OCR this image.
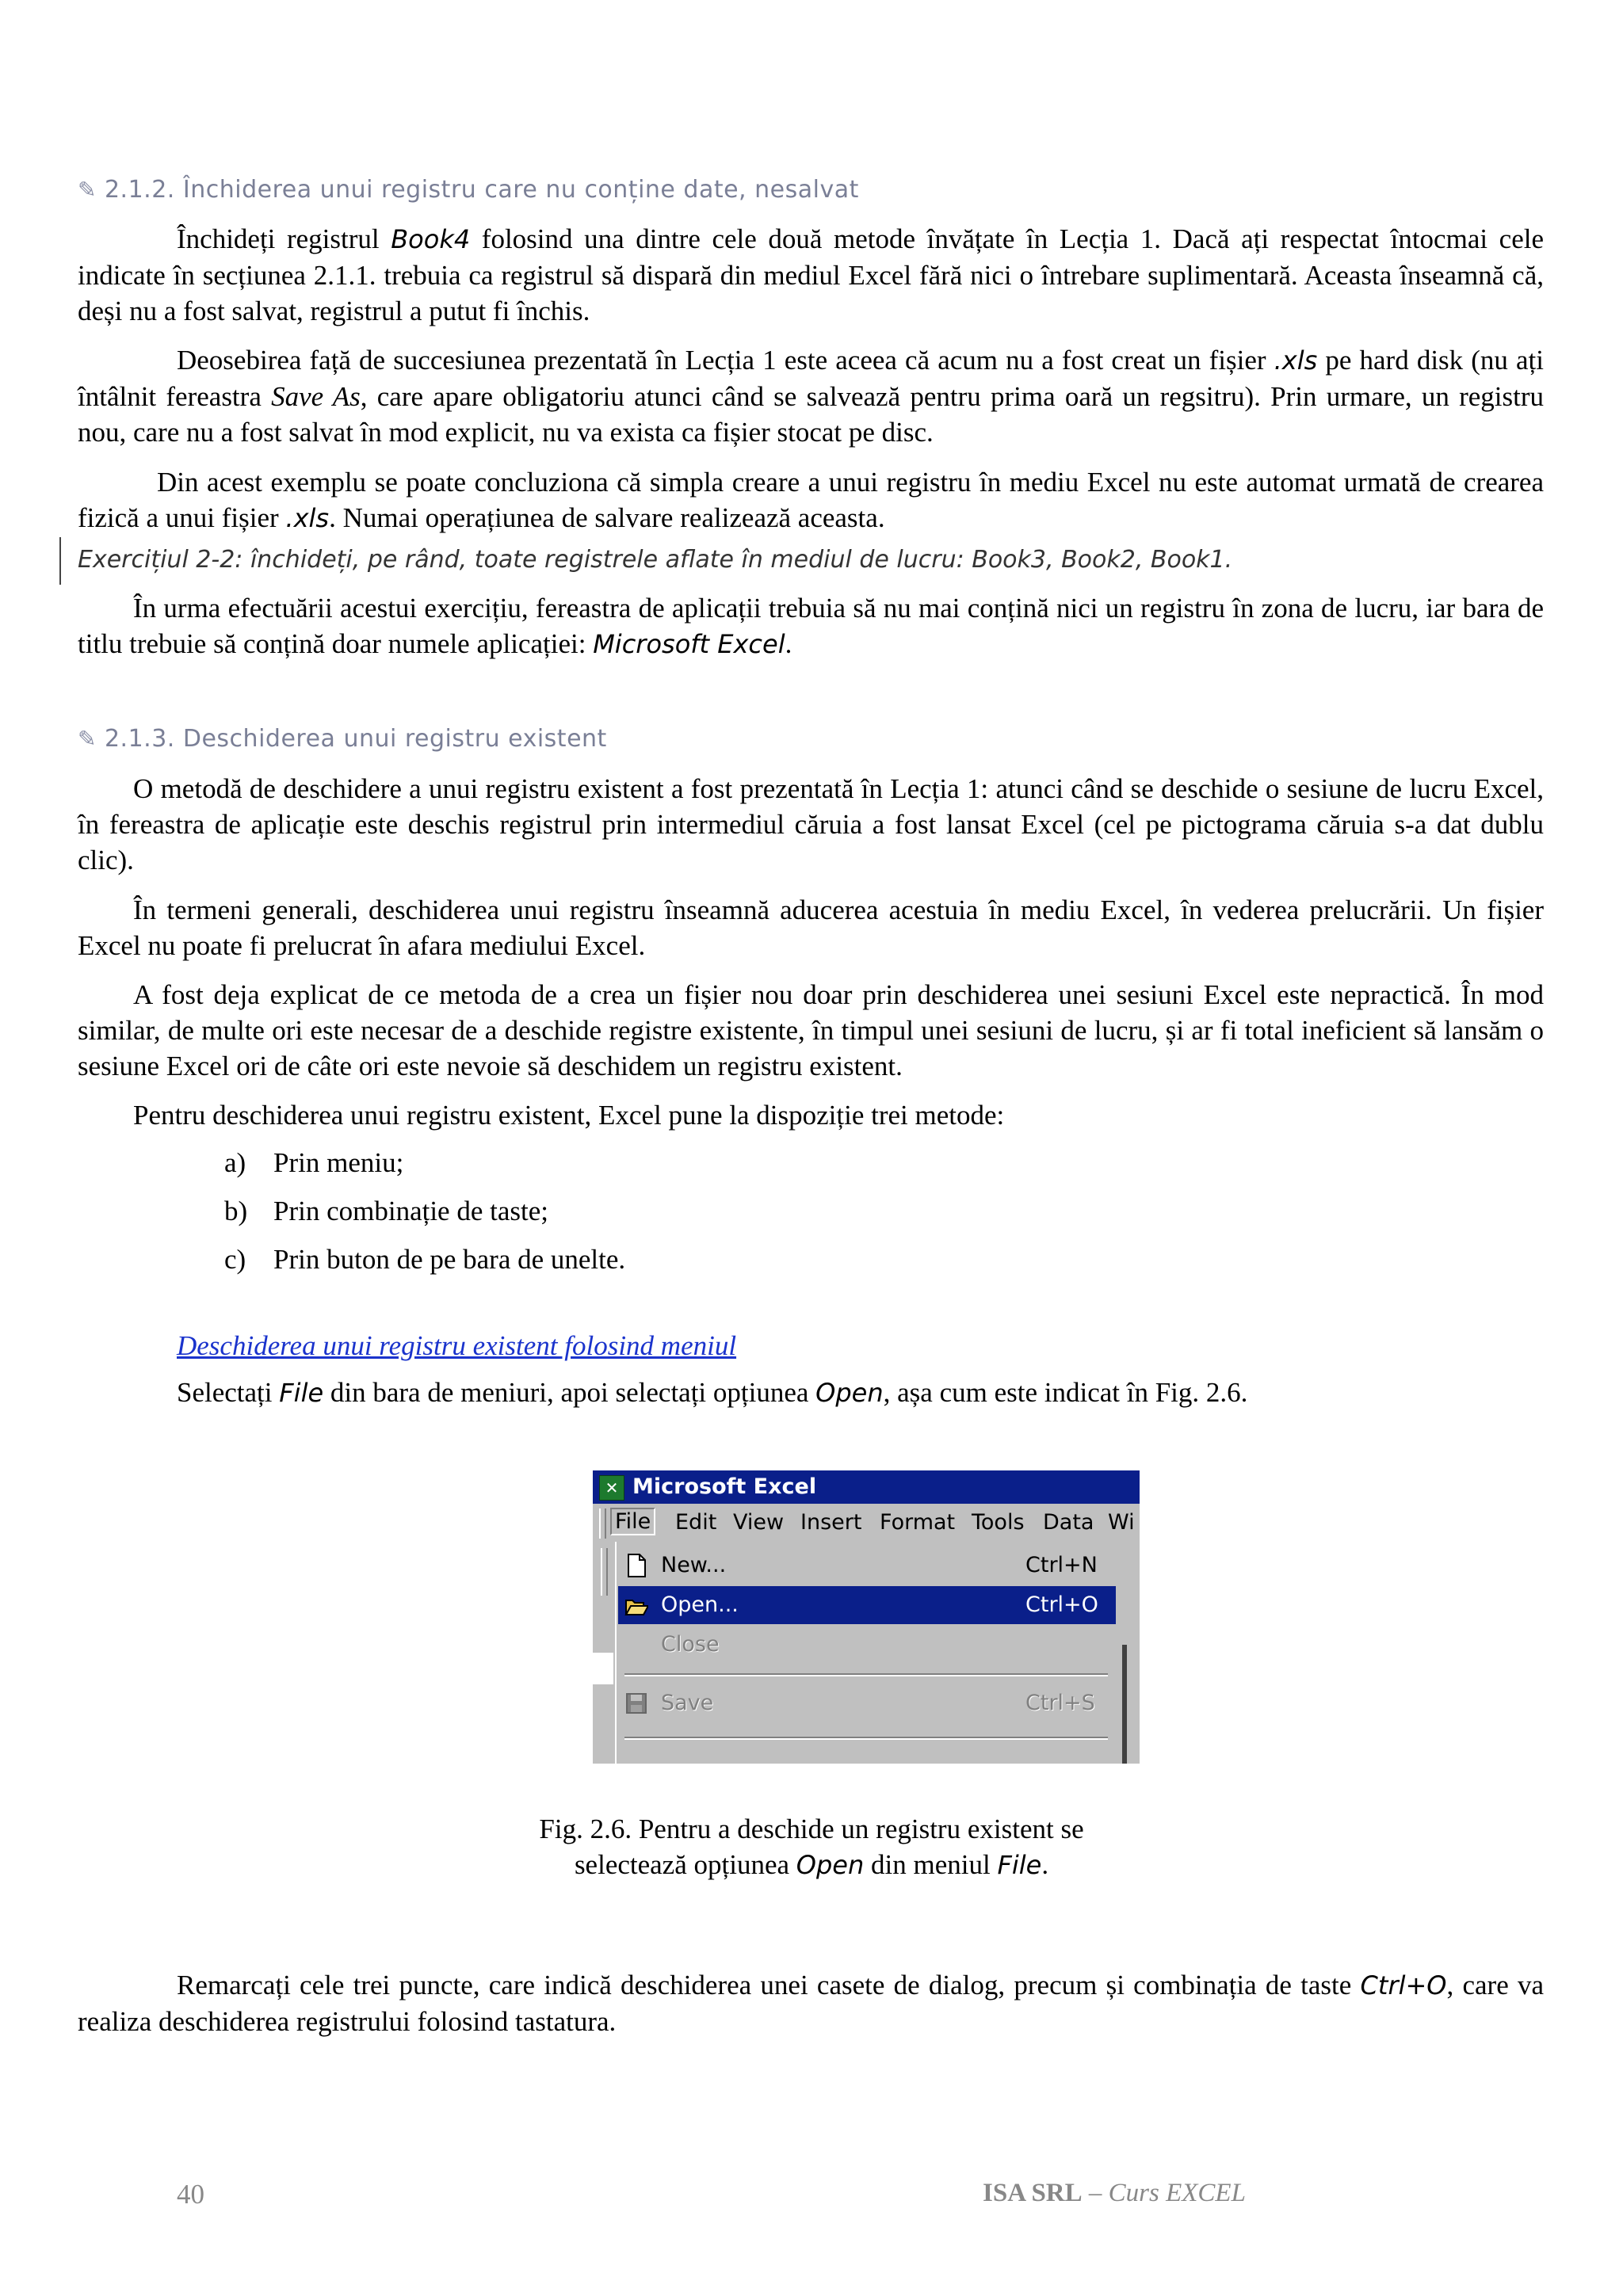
✎ 2.1.2. Închiderea unui registru care nu conține date, nesalvat

Închideți registrul Book4 folosind una dintre cele două metode învățate în Lecția 1. Dacă ați respectat întocmai cele indicate în secțiunea 2.1.1. trebuia ca registrul să dispară din mediul Excel fără nici o întrebare suplimentară. Aceasta înseamnă că, deși nu a fost salvat, registrul a putut fi închis.

Deosebirea față de succesiunea prezentată în Lecția 1 este aceea că acum nu a fost creat un fișier .xls pe hard disk (nu ați întâlnit fereastra Save As, care apare obligatoriu atunci când se salvează pentru prima oară un regsitru). Prin urmare, un registru nou, care nu a fost salvat în mod explicit, nu va exista ca fișier stocat pe disc.

Din acest exemplu se poate concluziona că simpla creare a unui registru în mediu Excel nu este automat urmată de crearea fizică a unui fișier .xls. Numai operațiunea de salvare realizează aceasta.

Exercițiul 2-2: închideți, pe rând, toate registrele aflate în mediul de lucru: Book3, Book2, Book1.

În urma efectuării acestui exercițiu, fereastra de aplicații trebuia să nu mai conțină nici un registru în zona de lucru, iar bara de titlu trebuie să conțină doar numele aplicației: Microsoft Excel.

✎ 2.1.3. Deschiderea unui registru existent

O metodă de deschidere a unui registru existent a fost prezentată în Lecția 1: atunci când se deschide o sesiune de lucru Excel, în fereastra de aplicație este deschis registrul prin intermediul căruia a fost lansat Excel (cel pe pictograma căruia s-a dat dublu clic).

În termeni generali, deschiderea unui registru înseamnă aducerea acestuia în mediu Excel, în vederea prelucrării. Un fișier Excel nu poate fi prelucrat în afara mediului Excel.

A fost deja explicat de ce metoda de a crea un fișier nou doar prin deschiderea unei sesiuni Excel este nepractică. În mod similar, de multe ori este necesar de a deschide registre existente, în timpul unei sesiuni de lucru, și ar fi total ineficient să lansăm o sesiune Excel ori de câte ori este nevoie să deschidem un registru existent.

Pentru deschiderea unui registru existent, Excel pune la dispoziție trei metode:

a) Prin meniu;
b) Prin combinație de taste;
c) Prin buton de pe bara de unelte.
Deschiderea unui registru existent folosind meniul

Selectați File din bara de meniuri, apoi selectați opțiunea Open, așa cum este indicat în Fig. 2.6.

✕ Microsoft Excel
File Edit View Insert Format Tools Data Wi
New...	Ctrl+N
Open...	Ctrl+O
Close
Save	Ctrl+S
Fig. 2.6. Pentru a deschide un registru existent se
selectează opțiunea Open din meniul File.

Remarcați cele trei puncte, care indică deschiderea unei casete de dialog, precum și combinația de taste Ctrl+O, care va realiza deschiderea registrului folosind tastatura.

40	ISA SRL – Curs EXCEL
